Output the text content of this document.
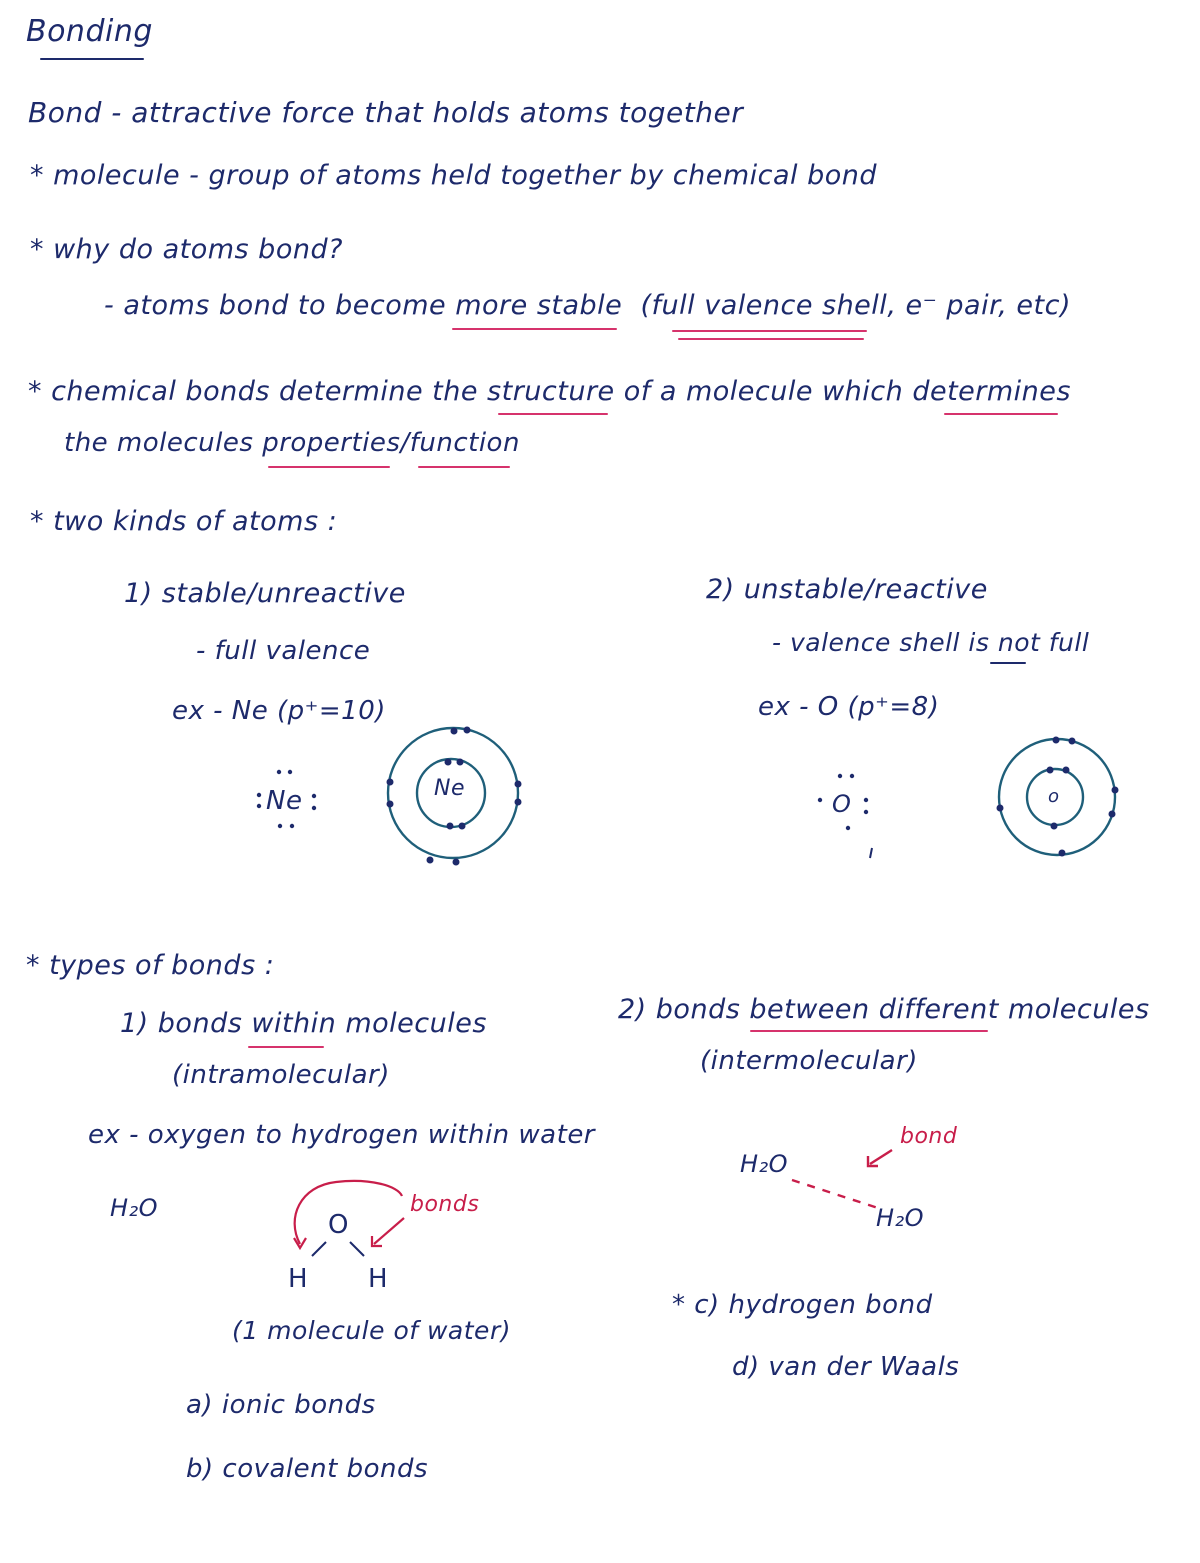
Bonding
Bond - attractive force that holds atoms together
* molecule - group of atoms held together by chemical bond
* why do atoms bond?
- atoms bond to become more stable (full valence shell, e⁻ pair, etc)
* chemical bonds determine the structure of a molecule which determines
the molecules properties/function
* two kinds of atoms :
1) stable/unreactive
- full valence
ex - Ne (p⁺=10)
2) unstable/reactive
- valence shell is not full
ex - O (p⁺=8)
Ne	O
Ne	o
* types of bonds :
1) bonds within molecules
(intramolecular)
ex - oxygen to hydrogen within water
H₂O
O
H H
bonds
(1 molecule of water)
a) ionic bonds
b) covalent bonds
2) bonds between different molecules
(intermolecular)
H₂O
H₂O
bond
* c) hydrogen bond
d) van der Waals
